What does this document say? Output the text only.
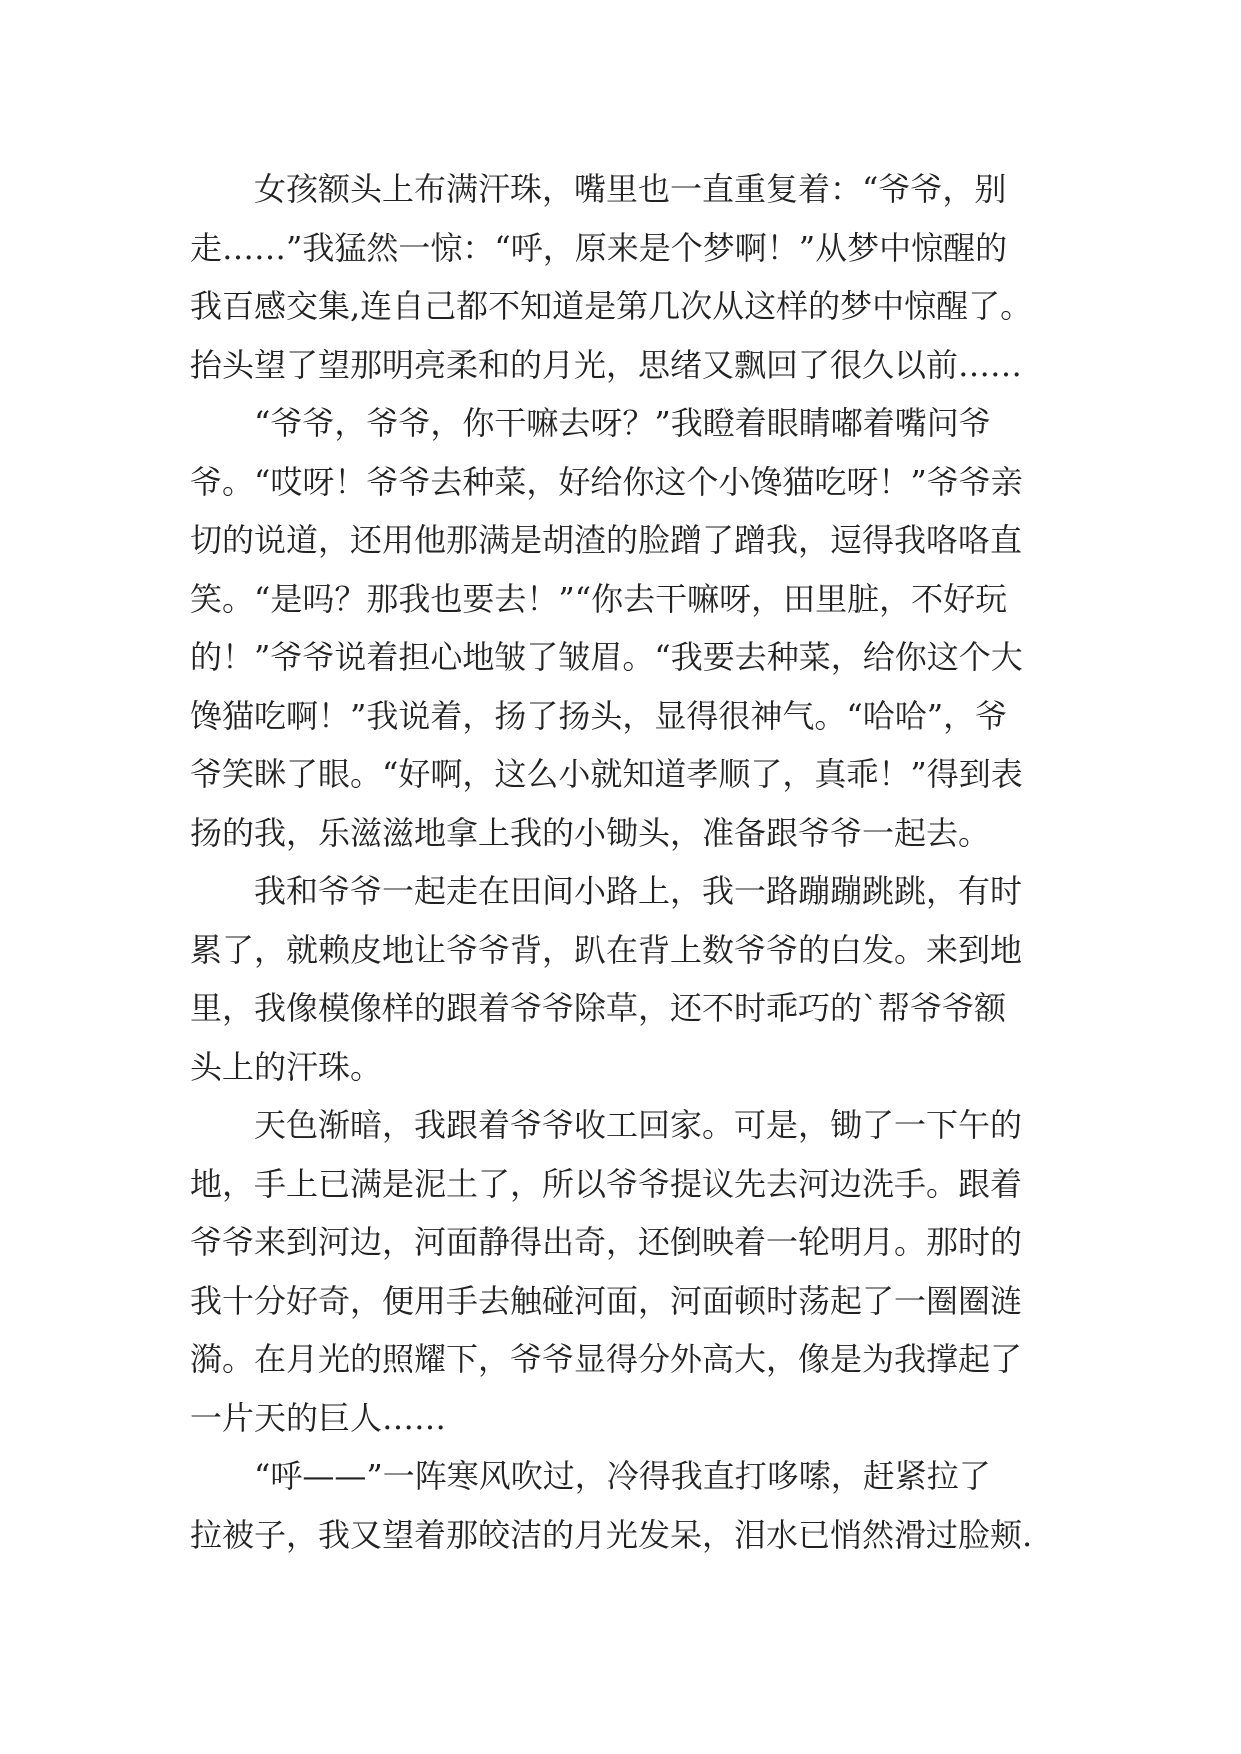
　　女孩额头上布满汗珠，嘴里也一直重复着：“爷爷，别
走……”我猛然一惊：“呼，原来是个梦啊！”从梦中惊醒的
我百感交集,连自己都不知道是第几次从这样的梦中惊醒了。
抬头望了望那明亮柔和的月光，思绪又飘回了很久以前……
　　“爷爷，爷爷，你干嘛去呀？”我瞪着眼睛嘟着嘴问爷
爷。“哎呀！爷爷去种菜，好给你这个小馋猫吃呀！”爷爷亲
切的说道，还用他那满是胡渣的脸蹭了蹭我，逗得我咯咯直
笑。“是吗？那我也要去！”“你去干嘛呀，田里脏，不好玩
的！”爷爷说着担心地皱了皱眉。“我要去种菜，给你这个大
馋猫吃啊！”我说着，扬了扬头，显得很神气。“哈哈”，爷
爷笑眯了眼。“好啊，这么小就知道孝顺了，真乖！”得到表
扬的我，乐滋滋地拿上我的小锄头，准备跟爷爷一起去。
　　我和爷爷一起走在田间小路上，我一路蹦蹦跳跳，有时
累了，就赖皮地让爷爷背，趴在背上数爷爷的白发。来到地
里，我像模像样的跟着爷爷除草，还不时乖巧的`帮爷爷额
头上的汗珠。
　　天色渐暗，我跟着爷爷收工回家。可是，锄了一下午的
地，手上已满是泥土了，所以爷爷提议先去河边洗手。跟着
爷爷来到河边，河面静得出奇，还倒映着一轮明月。那时的
我十分好奇，便用手去触碰河面，河面顿时荡起了一圈圈涟
漪。在月光的照耀下，爷爷显得分外高大，像是为我撑起了
一片天的巨人……
　　“呼——”一阵寒风吹过，冷得我直打哆嗦，赶紧拉了
拉被子，我又望着那皎洁的月光发呆，泪水已悄然滑过脸颊.
